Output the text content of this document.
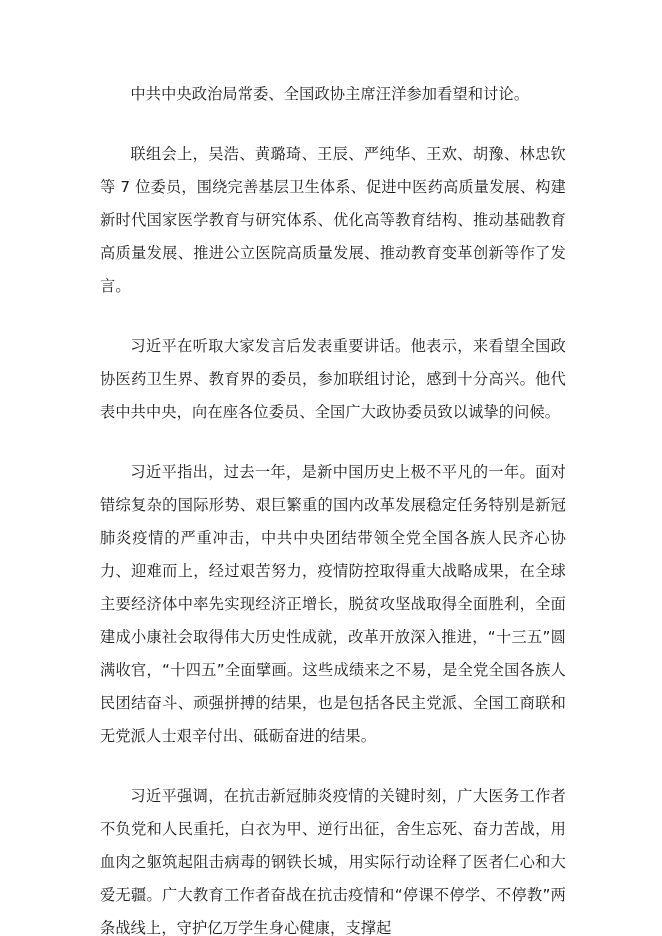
中共中央政治局常委、全国政协主席汪洋参加看望和讨论。

联组会上，吴浩、黄璐琦、王辰、严纯华、王欢、胡豫、林忠钦等 7 位委员，围绕完善基层卫生体系、促进中医药高质量发展、构建新时代国家医学教育与研究体系、优化高等教育结构、推动基础教育高质量发展、推进公立医院高质量发展、推动教育变革创新等作了发言。

习近平在听取大家发言后发表重要讲话。他表示，来看望全国政协医药卫生界、教育界的委员，参加联组讨论，感到十分高兴。他代表中共中央，向在座各位委员、全国广大政协委员致以诚挚的问候。

习近平指出，过去一年，是新中国历史上极不平凡的一年。面对错综复杂的国际形势、艰巨繁重的国内改革发展稳定任务特别是新冠肺炎疫情的严重冲击，中共中央团结带领全党全国各族人民齐心协力、迎难而上，经过艰苦努力，疫情防控取得重大战略成果，在全球主要经济体中率先实现经济正增长，脱贫攻坚战取得全面胜利，全面建成小康社会取得伟大历史性成就，改革开放深入推进，“十三五”圆满收官，“十四五”全面擘画。这些成绩来之不易，是全党全国各族人民团结奋斗、顽强拼搏的结果，也是包括各民主党派、全国工商联和无党派人士艰辛付出、砥砺奋进的结果。

习近平强调，在抗击新冠肺炎疫情的关键时刻，广大医务工作者不负党和人民重托，白衣为甲、逆行出征，舍生忘死、奋力苦战，用血肉之躯筑起阻击病毒的钢铁长城，用实际行动诠释了医者仁心和大爱无疆。广大教育工作者奋战在抗击疫情和“停课不停学、不停教”两条战线上，守护亿万学生身心健康，支撑起
